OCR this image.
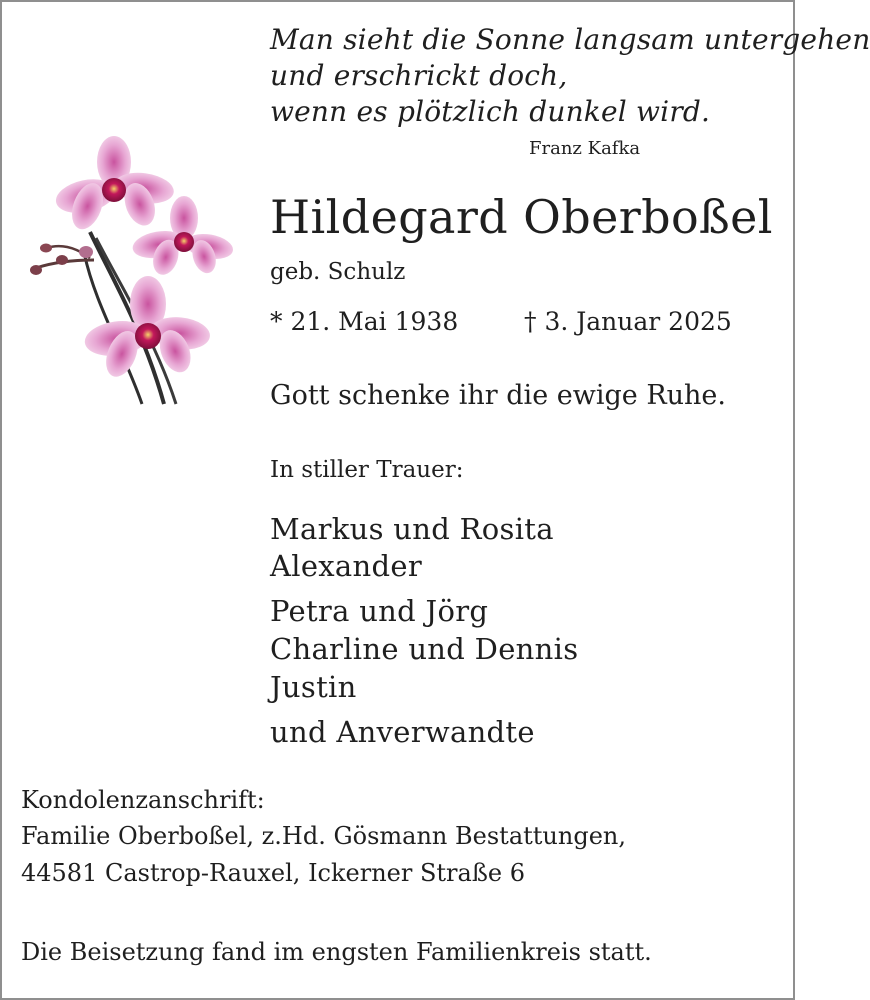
Man sieht die Sonne langsam untergehen
und erschrickt doch,
wenn es plötzlich dunkel wird.
Franz Kafka
Hildegard Oberboßel
geb. Schulz
* 21. Mai 1938	† 3. Januar 2025
Gott schenke ihr die ewige Ruhe.
In stiller Trauer:
Markus und Rosita
Alexander
Petra und Jörg
Charline und Dennis
Justin
und Anverwandte
Kondolenzanschrift:
Familie Oberboßel, z.Hd. Gösmann Bestattungen,
44581 Castrop-Rauxel, Ickerner Straße 6
Die Beisetzung fand im engsten Familienkreis statt.
